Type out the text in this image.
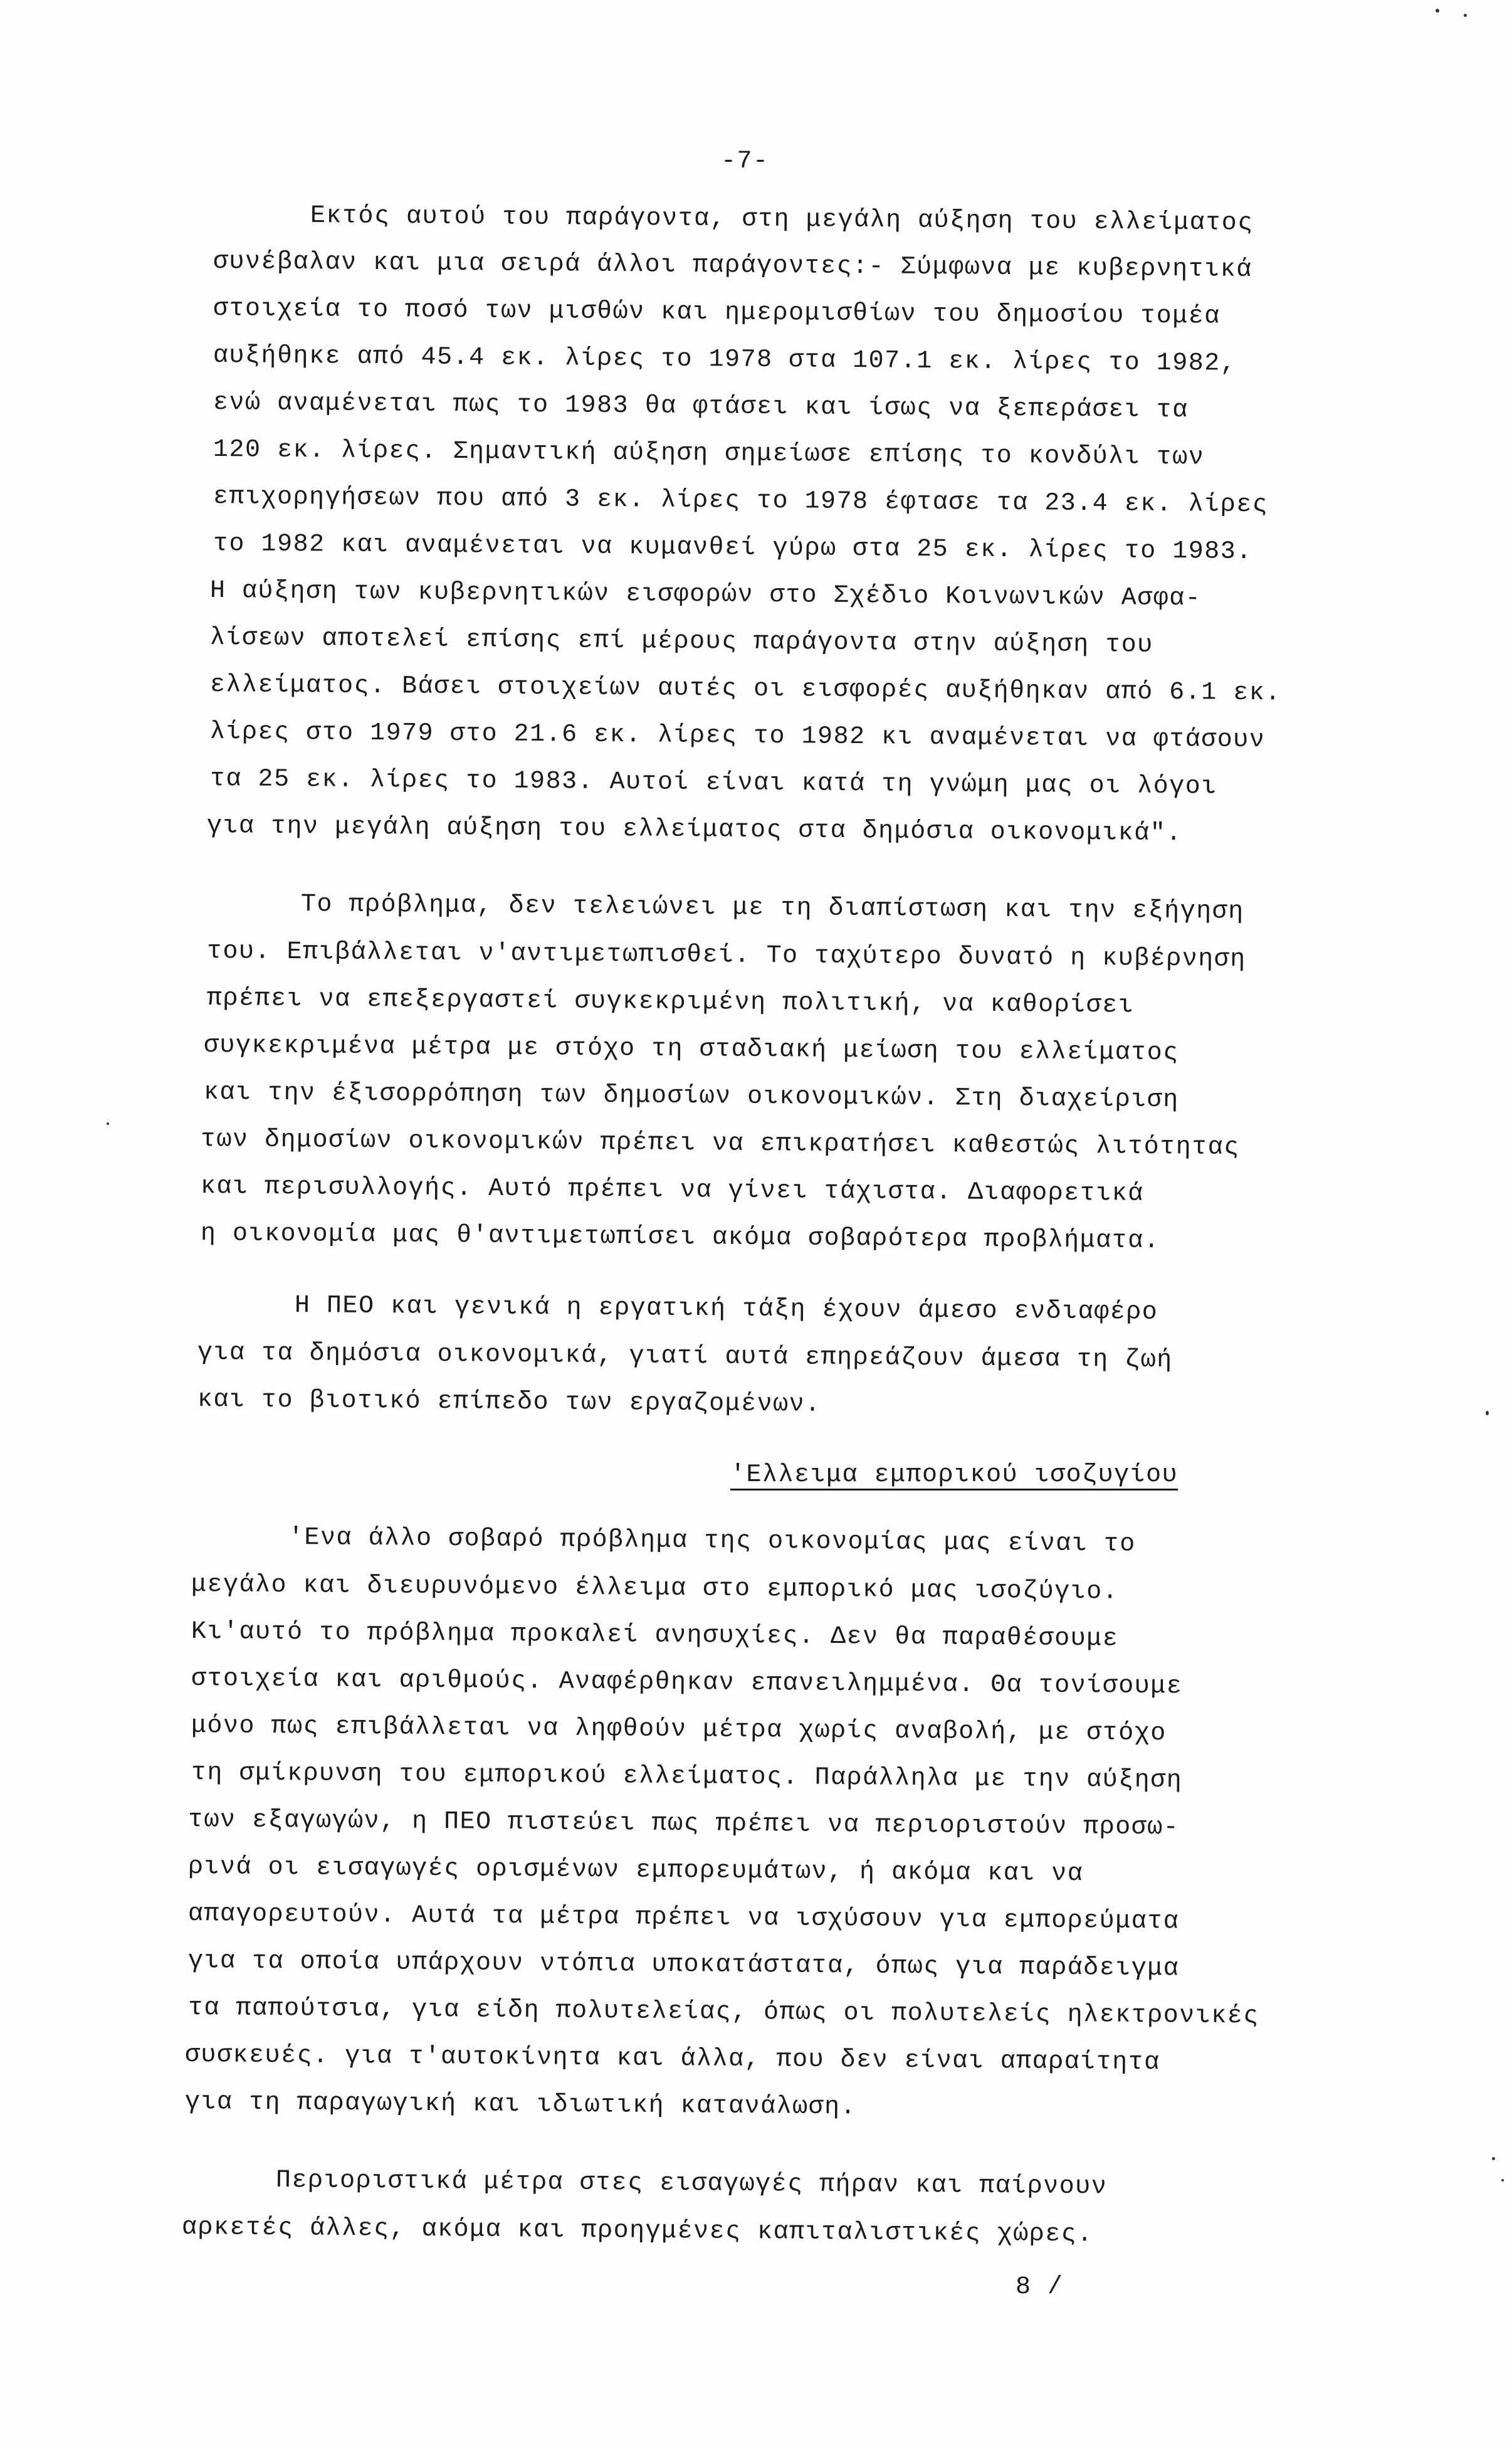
-7-
Εκτός αυτού του παράγοντα, στη μεγάλη αύξηση του ελλείματος
συνέβαλαν και μια σειρά άλλοι παράγοντες:- Σύμφωνα με κυβερνητικά
στοιχεία το ποσό των μισθών και ημερομισθίων του δημοσίου τομέα
αυξήθηκε από 45.4 εκ. λίρες το 1978 στα 107.1 εκ. λίρες το 1982,
ενώ αναμένεται πως το 1983 θα φτάσει και ίσως να ξεπεράσει τα
120 εκ. λίρες. Σημαντική αύξηση σημείωσε επίσης το κονδύλι των
επιχορηγήσεων που από 3 εκ. λίρες το 1978 έφτασε τα 23.4 εκ. λίρες
το 1982 και αναμένεται να κυμανθεί γύρω στα 25 εκ. λίρες το 1983.
Η αύξηση των κυβερνητικών εισφορών στο Σχέδιο Κοινωνικών Ασφα-
λίσεων αποτελεί επίσης επί μέρους παράγοντα στην αύξηση του
ελλείματος. Βάσει στοιχείων αυτές οι εισφορές αυξήθηκαν από 6.1 εκ.
λίρες στο 1979 στο 21.6 εκ. λίρες το 1982 κι αναμένεται να φτάσουν
τα 25 εκ. λίρες το 1983. Αυτοί είναι κατά τη γνώμη μας οι λόγοι
για την μεγάλη αύξηση του ελλείματος στα δημόσια οικονομικά".
Το πρόβλημα, δεν τελειώνει με τη διαπίστωση και την εξήγηση
του. Επιβάλλεται ν'αντιμετωπισθεί. Το ταχύτερο δυνατό η κυβέρνηση
πρέπει να επεξεργαστεί συγκεκριμένη πολιτική, να καθορίσει
συγκεκριμένα μέτρα με στόχο τη σταδιακή μείωση του ελλείματος
και την έξισορρόπηση των δημοσίων οικονομικών. Στη διαχείριση
των δημοσίων οικονομικών πρέπει να επικρατήσει καθεστώς λιτότητας
και περισυλλογής. Αυτό πρέπει να γίνει τάχιστα. Διαφορετικά
η οικονομία μας θ'αντιμετωπίσει ακόμα σοβαρότερα προβλήματα.
Η ΠΕΟ και γενικά η εργατική τάξη έχουν άμεσο ενδιαφέρο
για τα δημόσια οικονομικά, γιατί αυτά επηρεάζουν άμεσα τη ζωή
και το βιοτικό επίπεδο των εργαζομένων.
'Ελλειμα εμπορικού ισοζυγίου
'Ενα άλλο σοβαρό πρόβλημα της οικονομίας μας είναι το
μεγάλο και διευρυνόμενο έλλειμα στο εμπορικό μας ισοζύγιο.
Κι'αυτό το πρόβλημα προκαλεί ανησυχίες. Δεν θα παραθέσουμε
στοιχεία και αριθμούς. Αναφέρθηκαν επανειλημμένα. Θα τονίσουμε
μόνο πως επιβάλλεται να ληφθούν μέτρα χωρίς αναβολή, με στόχο
τη σμίκρυνση του εμπορικού ελλείματος. Παράλληλα με την αύξηση
των εξαγωγών, η ΠΕΟ πιστεύει πως πρέπει να περιοριστούν προσω-
ρινά οι εισαγωγές ορισμένων εμπορευμάτων, ή ακόμα και να
απαγορευτούν. Αυτά τα μέτρα πρέπει να ισχύσουν για εμπορεύματα
για τα οποία υπάρχουν ντόπια υποκατάστατα, όπως για παράδειγμα
τα παπούτσια, για είδη πολυτελείας, όπως οι πολυτελείς ηλεκτρονικές
συσκευές. για τ'αυτοκίνητα και άλλα, που δεν είναι απαραίτητα
για τη παραγωγική και ιδιωτική κατανάλωση.
Περιοριστικά μέτρα στες εισαγωγές πήραν και παίρνουν
αρκετές άλλες, ακόμα και προηγμένες καπιταλιστικές χώρες.
8 /
